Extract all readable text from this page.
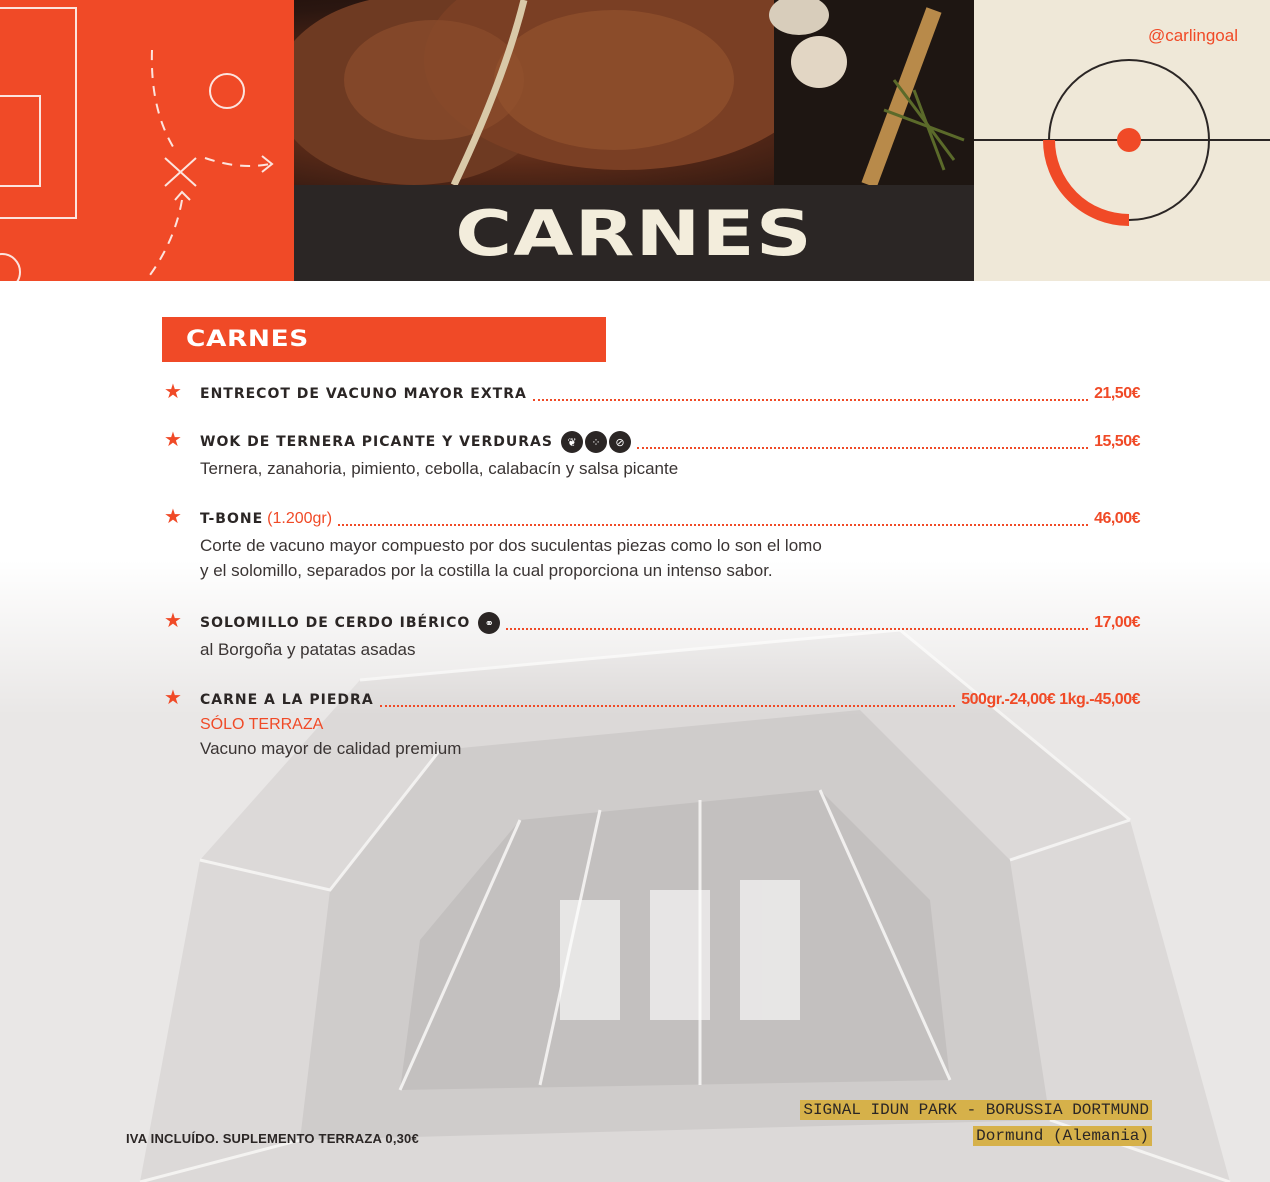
CARNES
@carlingoal
CARNES
★ ENTRECOT DE VACUNO MAYOR EXTRA	21,50€
★ WOK DE TERNERA PICANTE Y VERDURAS	❦	⁘	⊘	15,50€
Ternera, zanahoria, pimiento, cebolla, calabacín y salsa picante
★ T-BONE (1.200gr)	46,00€
Corte de vacuno mayor compuesto por dos suculentas piezas como lo son el lomo
y el solomillo, separados por la costilla la cual proporciona un intenso sabor.
★ SOLOMILLO DE CERDO IBÉRICO	⚭	17,00€
al Borgoña y patatas asadas
★ CARNE A LA PIEDRA	500gr.-24,00€ 1kg.-45,00€
SÓLO TERRAZA
Vacuno mayor de calidad premium
IVA INCLUÍDO. SUPLEMENTO TERRAZA 0,30€
SIGNAL IDUN PARK - BORUSSIA DORTMUND
Dormund (Alemania)
